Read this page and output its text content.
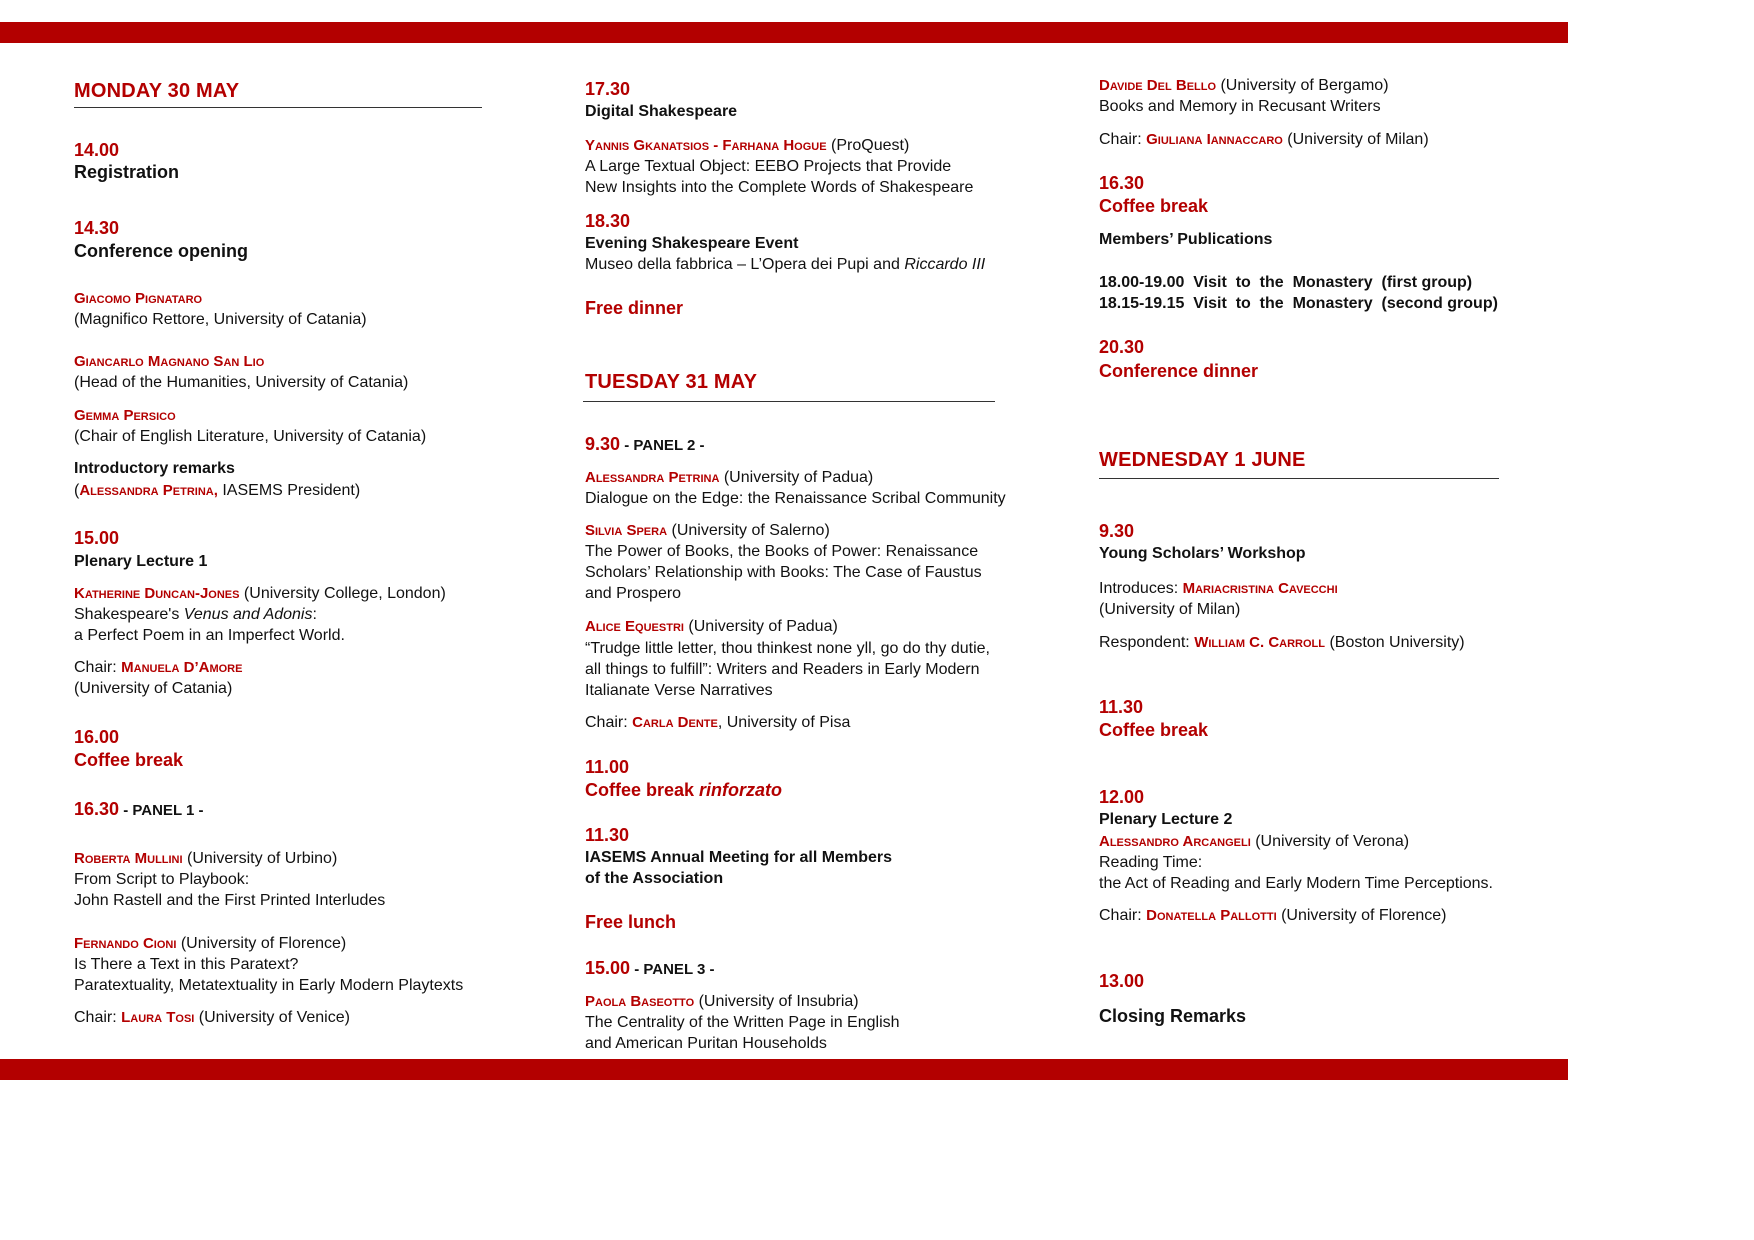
MONDAY 30 MAY
14.00
Registration
14.30
Conference opening
Giacomo Pignataro
(Magnifico Rettore, University of Catania)
Giancarlo Magnano San Lio
(Head of the Humanities, University of Catania)
Gemma Persico
(Chair of English Literature, University of Catania)
Introductory remarks
(Alessandra Petrina, IASEMS President)
15.00
Plenary Lecture 1
Katherine Duncan-Jones (University College, London)
Shakespeare's Venus and Adonis:
a Perfect Poem in an Imperfect World.
Chair: Manuela D’Amore
(University of Catania)
16.00
Coffee break
16.30 - PANEL 1 -
Roberta Mullini (University of Urbino)
From Script to Playbook:
John Rastell and the First Printed Interludes
Fernando Cioni (University of Florence)
Is There a Text in this Paratext?
Paratextuality, Metatextuality in Early Modern Playtexts
Chair: Laura Tosi (University of Venice)
17.30
Digital Shakespeare
Yannis Gkanatsios - Farhana Hogue (ProQuest)
A Large Textual Object: EEBO Projects that Provide
New Insights into the Complete Words of Shakespeare
18.30
Evening Shakespeare Event
Museo della fabbrica – L’Opera dei Pupi and Riccardo III
Free dinner
TUESDAY 31 MAY
9.30 - PANEL 2 -
Alessandra Petrina (University of Padua)
Dialogue on the Edge: the Renaissance Scribal Community
Silvia Spera (University of Salerno)
The Power of Books, the Books of Power: Renaissance
Scholars’ Relationship with Books: The Case of Faustus
and Prospero
Alice Equestri (University of Padua)
“Trudge little letter, thou thinkest none yll, go do thy dutie,
all things to fulfill”: Writers and Readers in Early Modern
Italianate Verse Narratives
Chair: Carla Dente, University of Pisa
11.00
Coffee break rinforzato
11.30
IASEMS Annual Meeting for all Members
of the Association
Free lunch
15.00 - PANEL 3 -
Paola Baseotto (University of Insubria)
The Centrality of the Written Page in English
and American Puritan Households
Davide Del Bello (University of Bergamo)
Books and Memory in Recusant Writers
Chair: Giuliana Iannaccaro (University of Milan)
16.30
Coffee break
Members’ Publications
18.00-19.00  Visit  to  the  Monastery  (first group)
18.15-19.15  Visit  to  the  Monastery  (second group)
20.30
Conference dinner
WEDNESDAY 1 JUNE
9.30
Young Scholars’ Workshop
Introduces: Mariacristina Cavecchi
(University of Milan)
Respondent: William C. Carroll (Boston University)
11.30
Coffee break
12.00
Plenary Lecture 2
Alessandro Arcangeli (University of Verona)
Reading Time:
the Act of Reading and Early Modern Time Perceptions.
Chair: Donatella Pallotti (University of Florence)
13.00
Closing Remarks
